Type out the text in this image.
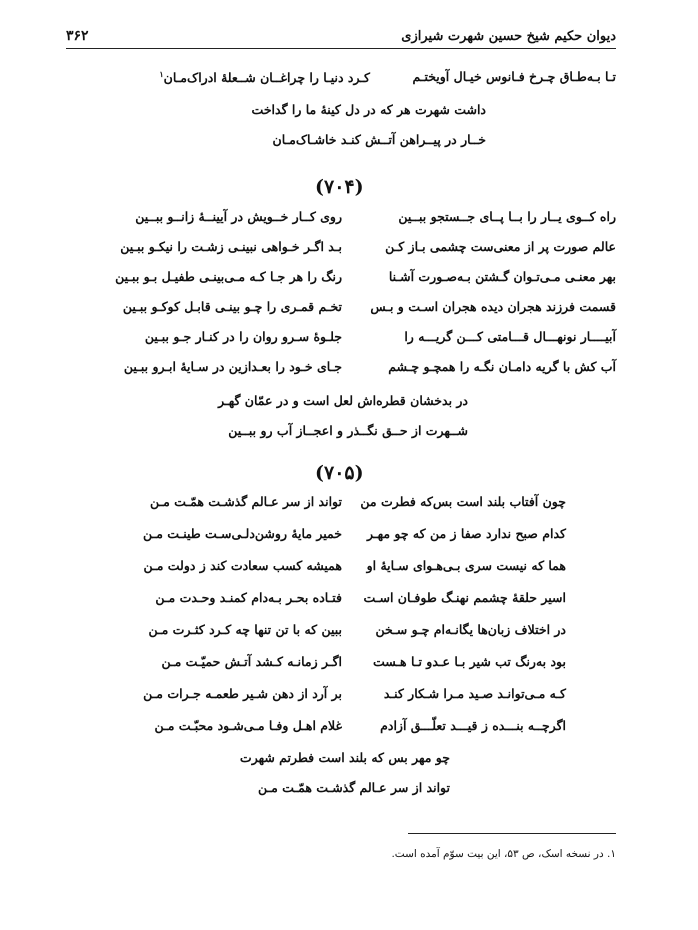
دیوان حکیم شیخ حسین شهرت شیرازی
۳۶۲
تـا بـه‌طـاق چـرخ فـانوس خیـال آویختـم
کـرد دنیـا را چراغــان شــعلهٔ ادراک‌مـان$^۱$
داشت شهرت هر که در دل کینهٔ ما را گداخت
خــار در پیــراهن آتــش کنـد خاشـاک‌مـان
(۷۰۴)
راه کــوی یــار را بــا پــای جــستجو ببــین
روی کــار خــویش در آیینــهٔ زانــو ببــین
عالم صورت پر از معنی‌ست چشمی بـاز کـن
بـد اگـر خـواهی نبینـی زشـت را نیکـو ببـین
بهر معنـی مـی‌تـوان گـشتن بـه‌صـورت آشـنا
رنگ را هر جـا کـه مـی‌بینـی طفیـل بـو ببـین
قسمت فرزند هجران دیده هجران اسـت و بـس
تخـم قمـری را چـو بینـی قابـل کوکـو ببـین
آبیــــار نونهـــال قـــامتی کـــن گریـــه را
جلـوهٔ سـرو روان را در کنـار جـو ببـین
آب کش با گریه دامـان نگـه را همچـو چـشم
جـای خـود را بعـدازین در سـایهٔ ابـرو ببـین
در بدخشان قطره‌اش لعل است و در عمّان گهـر
شــهرت از حــق نگــذر و اعجــاز آب رو ببــین
(۷۰۵)
چون آفتاب بلند است بس‌که فطرت من
تواند از سر عـالم گذشـت همّـت مـن
کدام صبح ندارد صفا ز من که چو مهـر
خمیر مایهٔ روشن‌دلـی‌سـت طینـت مـن
هما که نیست سری بـی‌هـوای سـایهٔ او
همیشه کسب سعادت کند ز دولت مـن
اسیر حلقهٔ چشمم نهنـگ طوفـان اسـت
فتـاده بحـر بـه‌دام کمنـد وحـدت مـن
در اختلاف زبان‌ها یگانـه‌ام چـو سـخن
ببین که با تن تنها چه کـرد کثـرت مـن
بود به‌رنگ تب شیر بـا عـدو تـا هـست
اگـر زمانـه کـشد آتـش حمیّـت مـن
کـه مـی‌توانـد صـید مـرا شـکار کنـد
بر آرد از دهن شـیر طعمـه جـرات مـن
اگرچــه بنـــده ز قیـــد تعلّـــق آزادم
غلام اهـل وفـا مـی‌شـود محبّـت مـن
چو مهر بس که بلند است فطرتم شهرت
تواند از سر عـالم گذشـت همّـت مـن
۱. در نسخه اسک، ص ۵۳، این بیت سوّم آمده است.
